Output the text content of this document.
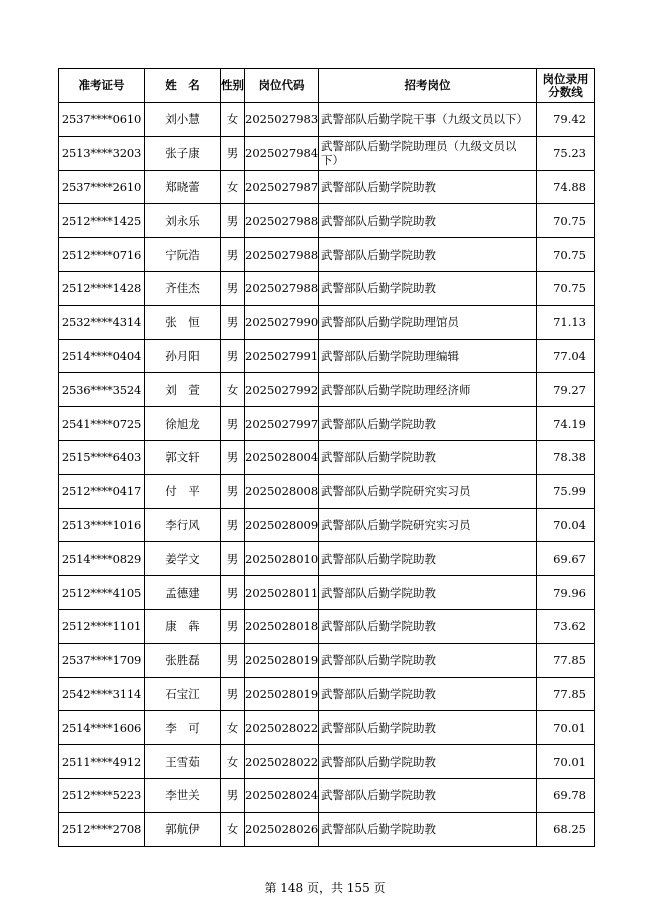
准考证号	姓　名	性别	岗位代码	招考岗位	岗位录用分数线
2537****0610	刘小慧	女	2025027983	武警部队后勤学院干事（九级文员以下）	79.42
2513****3203	张子康	男	2025027984	武警部队后勤学院助理员（九级文员以下）	75.23
2537****2610	郑晓蕾	女	2025027987	武警部队后勤学院助教	74.88
2512****1425	刘永乐	男	2025027988	武警部队后勤学院助教	70.75
2512****0716	宁阮浩	男	2025027988	武警部队后勤学院助教	70.75
2512****1428	齐佳杰	男	2025027988	武警部队后勤学院助教	70.75
2532****4314	张　恒	男	2025027990	武警部队后勤学院助理馆员	71.13
2514****0404	孙月阳	男	2025027991	武警部队后勤学院助理编辑	77.04
2536****3524	刘　萱	女	2025027992	武警部队后勤学院助理经济师	79.27
2541****0725	徐旭龙	男	2025027997	武警部队后勤学院助教	74.19
2515****6403	郭文轩	男	2025028004	武警部队后勤学院助教	78.38
2512****0417	付　平	男	2025028008	武警部队后勤学院研究实习员	75.99
2513****1016	李行风	男	2025028009	武警部队后勤学院研究实习员	70.04
2514****0829	姜学文	男	2025028010	武警部队后勤学院助教	69.67
2512****4105	孟德建	男	2025028011	武警部队后勤学院助教	79.96
2512****1101	康　犇	男	2025028018	武警部队后勤学院助教	73.62
2537****1709	张胜磊	男	2025028019	武警部队后勤学院助教	77.85
2542****3114	石宝江	男	2025028019	武警部队后勤学院助教	77.85
2514****1606	李　可	女	2025028022	武警部队后勤学院助教	70.01
2511****4912	王雪茹	女	2025028022	武警部队后勤学院助教	70.01
2512****5223	李世关	男	2025028024	武警部队后勤学院助教	69.78
2512****2708	郭航伊	女	2025028026	武警部队后勤学院助教	68.25
第 148 页，共 155 页
